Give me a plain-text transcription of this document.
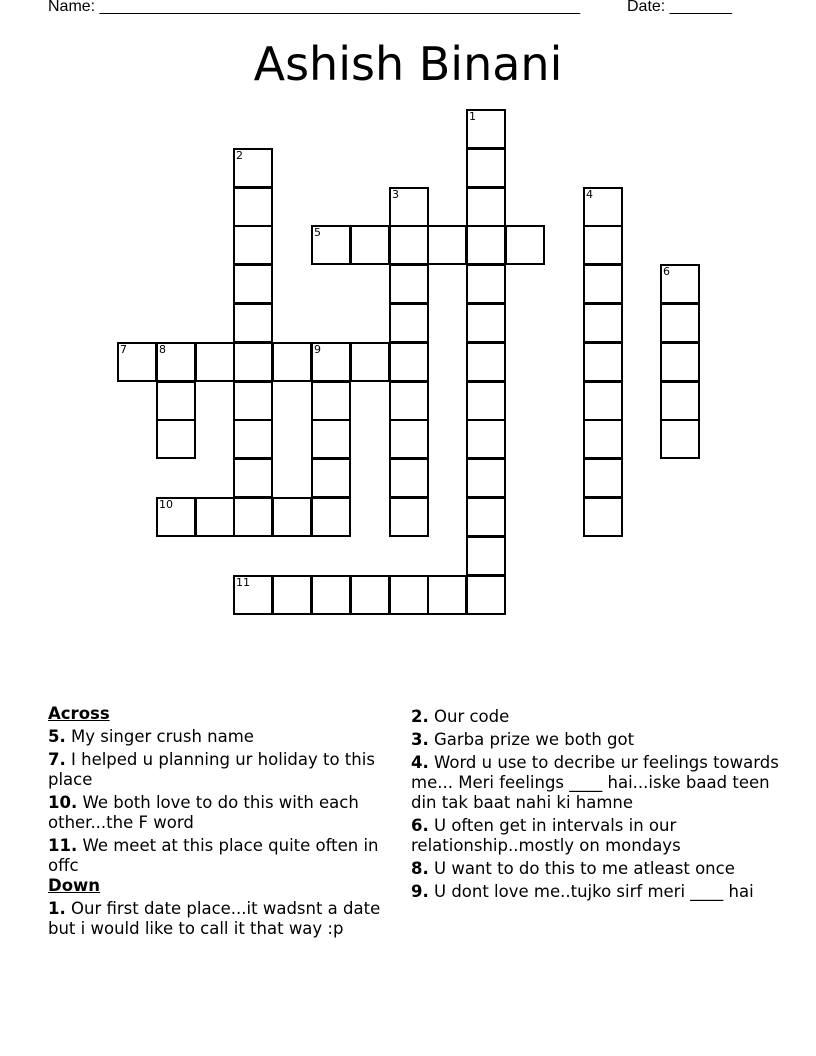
Name: ______________________________________________________	Date: _______
Ashish Binani
1
2
3	4
5
6
7	8	9
10
11
Across
5. My singer crush name
7. I helped u planning ur holiday to this place
10. We both love to do this with each other...the F word
11. We meet at this place quite often in offc
Down
1. Our first date place...it wadsnt a date but i would like to call it that way :p
2. Our code
3. Garba prize we both got
4. Word u use to decribe ur feelings towards me... Meri feelings ____ hai...iske baad teen din tak baat nahi ki hamne
6. U often get in intervals in our relationship..mostly on mondays
8. U want to do this to me atleast once
9. U dont love me..tujko sirf meri ____ hai
